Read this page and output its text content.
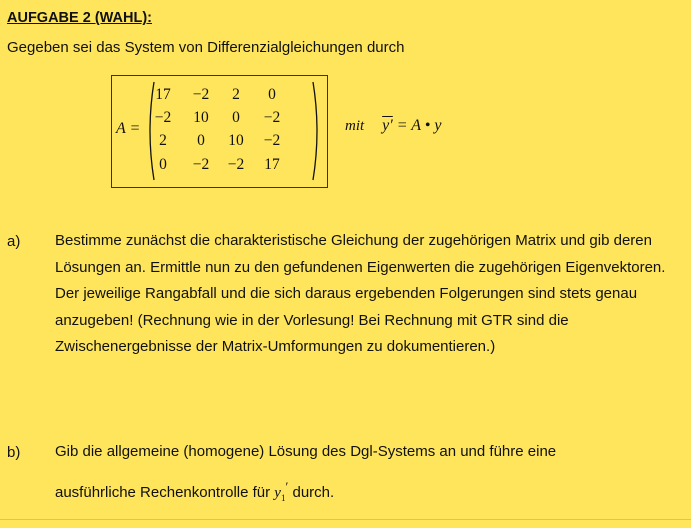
AUFGABE 2 (WAHL):
Gegeben sei das System von Differenzialgleichungen durch
A =
17	−2	2	0
−2	10	0	−2
2	0	10	−2
0	−2	−2	17
mit y′ = A • y
a) Bestimme zunächst die charakteristische Gleichung der zugehörigen Matrix und gib deren Lösungen an. Ermittle nun zu den gefundenen Eigenwerten die zugehörigen Eigenvektoren. Der jeweilige Rangabfall und die sich daraus ergebenden Folgerungen sind stets genau anzugeben! (Rechnung wie in der Vorlesung! Bei Rechnung mit GTR sind die Zwischenergebnisse der Matrix-Umformungen zu dokumentieren.)
b) Gib die allgemeine (homogene) Lösung des Dgl-Systems an und führe eine
ausführliche Rechenkontrolle für $y_1'$ durch.
